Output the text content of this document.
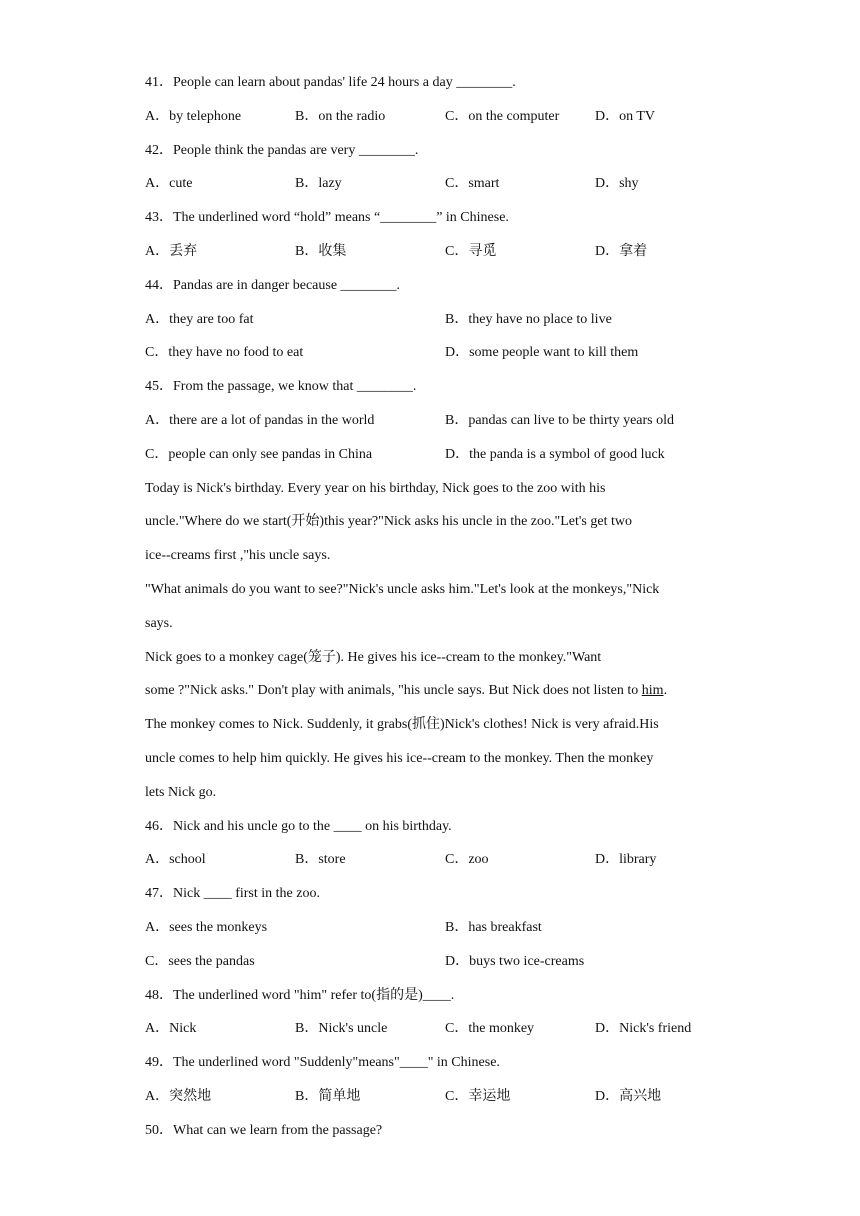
41．People can learn about pandas' life 24 hours a day ________.
A．by telephone	B．on the radio	C．on the computer	D．on TV
42．People think the pandas are very ________.
A．cute	B．lazy	C．smart	D．shy
43．The underlined word “hold” means “________” in Chinese.
A．丢弃	B．收集	C．寻觅	D．拿着
44．Pandas are in danger because ________.
A．they are too fat	B．they have no place to live
C．they have no food to eat	D．some people want to kill them
45．From the passage, we know that ________.
A．there are a lot of pandas in the world	B．pandas can live to be thirty years old
C．people can only see pandas in China	D．the panda is a symbol of good luck
Today is Nick's birthday. Every year on his birthday, Nick goes to the zoo with his
uncle."Where do we start(开始)this year?"Nick asks his uncle in the zoo."Let's get two
ice--creams first ,"his uncle says.
"What animals do you want to see?"Nick's uncle asks him."Let's look at the monkeys,"Nick
says.
Nick goes to a monkey cage(笼子). He gives his ice--cream to the monkey."Want
some ?"Nick asks." Don't play with animals, "his uncle says. But Nick does not listen to him.
The monkey comes to Nick. Suddenly, it grabs(抓住)Nick's clothes! Nick is very afraid.His
uncle comes to help him quickly. He gives his ice--cream to the monkey. Then the monkey
lets Nick go.
46．Nick and his uncle go to the ____ on his birthday.
A．school	B．store	C．zoo	D．library
47．Nick ____ first in the zoo.
A．sees the monkeys	B．has breakfast
C．sees the pandas	D．buys two ice-creams
48．The underlined word "him" refer to(指的是)____.
A．Nick	B．Nick's uncle	C．the monkey	D．Nick's friend
49．The underlined word "Suddenly"means"____" in Chinese.
A．突然地	B．简单地	C．幸运地	D．高兴地
50．What can we learn from the passage?
